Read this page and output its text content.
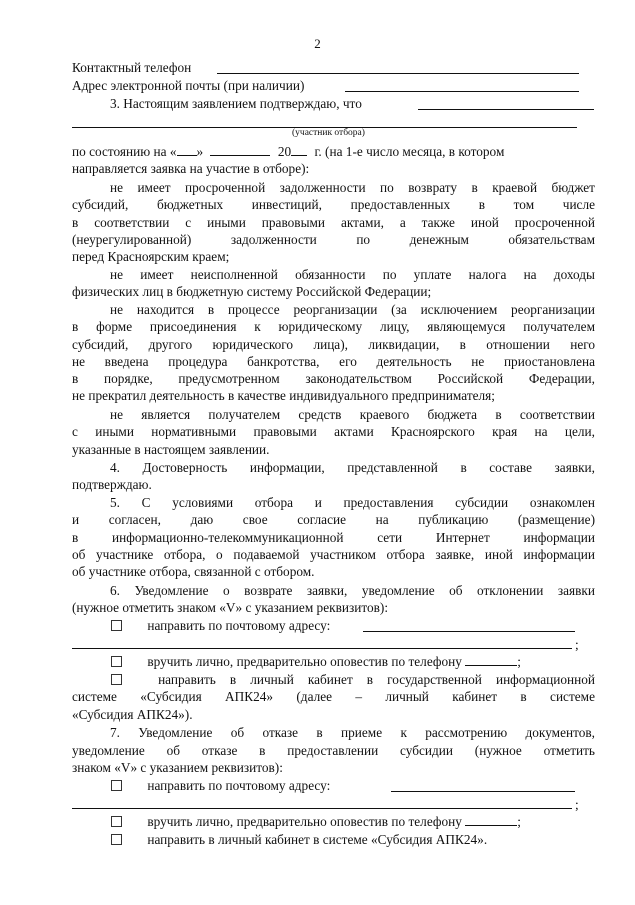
2
Контактный телефон
Адрес электронной почты (при наличии)
3. Настоящим заявлением подтверждаю, что
(участник отбора)
по состоянию на « »	20 г. (на 1-е число месяца, в котором
направляется заявка на участие в отборе):
не имеет просроченной задолженности по возврату в краевой бюджет
субсидий, бюджетных инвестиций, предоставленных в том числе
в соответствии с иными правовыми актами, а также иной просроченной
(неурегулированной) задолженности по денежным обязательствам
перед Красноярским краем;
не имеет неисполненной обязанности по уплате налога на доходы
физических лиц в бюджетную систему Российской Федерации;
не находится в процессе реорганизации (за исключением реорганизации
в форме присоединения к юридическому лицу, являющемуся получателем
субсидий, другого юридического лица), ликвидации, в отношении него
не введена процедура банкротства, его деятельность не приостановлена
в порядке, предусмотренном законодательством Российской Федерации,
не прекратил деятельность в качестве индивидуального предпринимателя;
не является получателем средств краевого бюджета в соответствии
с иными нормативными правовыми актами Красноярского края на цели,
указанные в настоящем заявлении.
4. Достоверность информации, представленной в составе заявки,
подтверждаю.
5. С условиями отбора и предоставления субсидии ознакомлен
и согласен, даю свое согласие на публикацию (размещение)
в информационно-телекоммуникационной сети Интернет информации
об участнике отбора, о подаваемой участником отбора заявке, иной информации
об участнике отбора, связанной с отбором.
6. Уведомление о возврате заявки, уведомление об отклонении заявки
(нужное отметить знаком «V» с указанием реквизитов):
направить по почтовому адресу:
;
вручить лично, предварительно оповестив по телефону	;
направить в личный кабинет в государственной информационной
системе «Субсидия АПК24» (далее – личный кабинет в системе
«Субсидия АПК24»).
7. Уведомление об отказе в приеме к рассмотрению документов,
уведомление об отказе в предоставлении субсидии (нужное отметить
знаком «V» с указанием реквизитов):
направить по почтовому адресу:
;
вручить лично, предварительно оповестив по телефону	;
направить в личный кабинет в системе «Субсидия АПК24».
